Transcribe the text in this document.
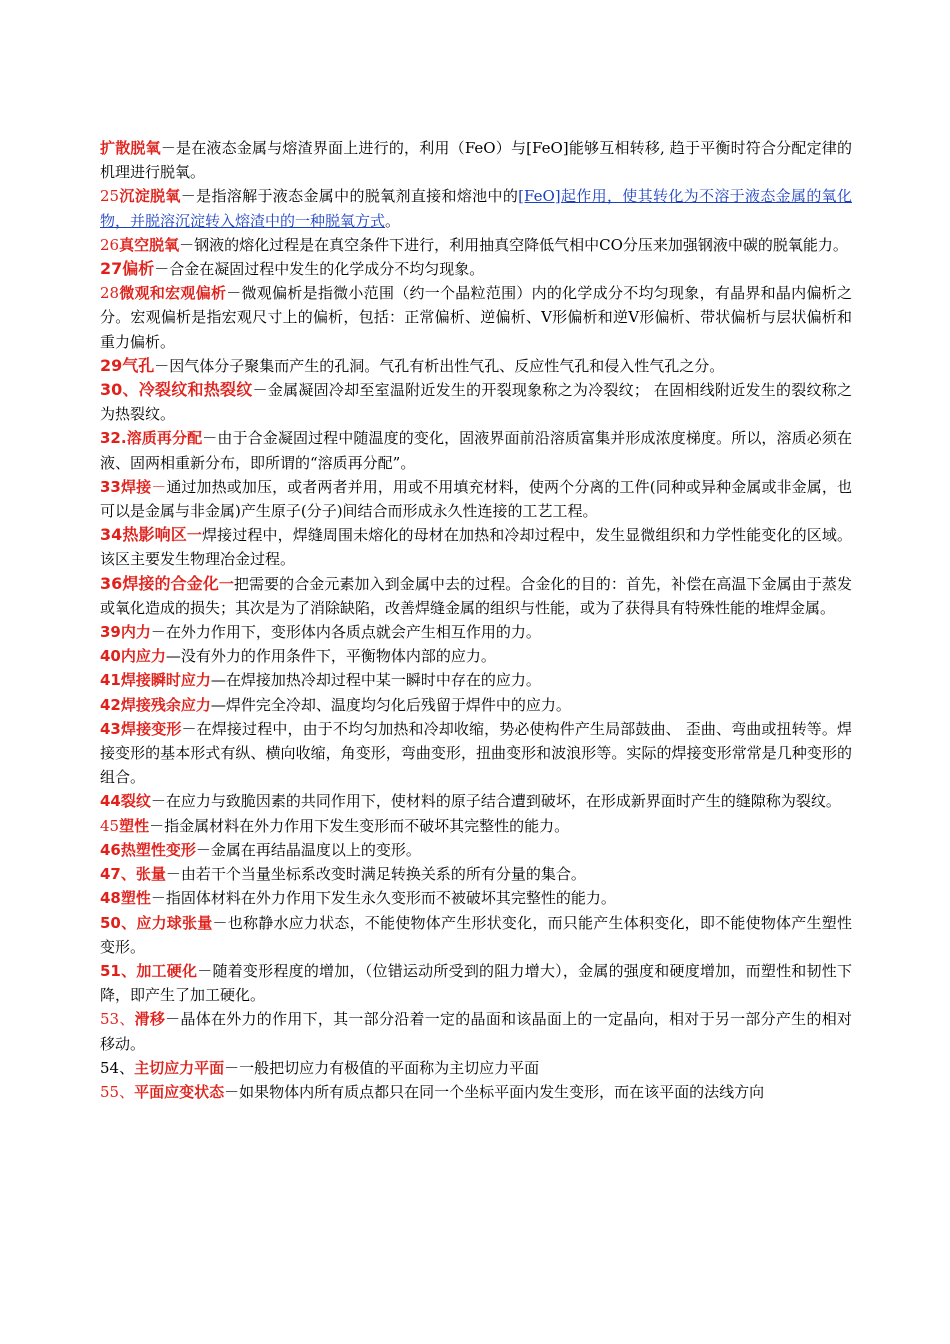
扩散脱氧－是在液态金属与熔渣界面上进行的，利用（FeO）与[FeO]能够互相转移, 趋于平衡时符合分配定律的机理进行脱氧。

25沉淀脱氧－是指溶解于液态金属中的脱氧剂直接和熔池中的[FeO]起作用，使其转化为不溶于液态金属的氧化物，并脱溶沉淀转入熔渣中的一种脱氧方式。

26真空脱氧－钢液的熔化过程是在真空条件下进行，利用抽真空降低气相中CO分压来加强钢液中碳的脱氧能力。

27偏析－合金在凝固过程中发生的化学成分不均匀现象。

28微观和宏观偏析－微观偏析是指微小范围（约一个晶粒范围）内的化学成分不均匀现象，有晶界和晶内偏析之分。宏观偏析是指宏观尺寸上的偏析，包括：正常偏析、逆偏析、V形偏析和逆V形偏析、带状偏析与层状偏析和重力偏析。

29气孔－因气体分子聚集而产生的孔洞。气孔有析出性气孔、反应性气孔和侵入性气孔之分。

30、冷裂纹和热裂纹－金属凝固冷却至室温附近发生的开裂现象称之为冷裂纹； 在固相线附近发生的裂纹称之为热裂纹。

32.溶质再分配－由于合金凝固过程中随温度的变化，固液界面前沿溶质富集并形成浓度梯度。所以，溶质必须在液、固两相重新分布，即所谓的“溶质再分配”。

33焊接－通过加热或加压，或者两者并用，用或不用填充材料，使两个分离的工件(同种或异种金属或非金属，也可以是金属与非金属)产生原子(分子)间结合而形成永久性连接的工艺工程。

34热影响区一焊接过程中，焊缝周围未熔化的母材在加热和冷却过程中，发生显微组织和力学性能变化的区域。该区主要发生物理冶金过程。

36焊接的合金化一把需要的合金元素加入到金属中去的过程。合金化的目的：首先，补偿在高温下金属由于蒸发或氧化造成的损失；其次是为了消除缺陷，改善焊缝金属的组织与性能，或为了获得具有特殊性能的堆焊金属。

39内力－在外力作用下，变形体内各质点就会产生相互作用的力。

40内应力—没有外力的作用条件下，平衡物体内部的应力。

41焊接瞬时应力—在焊接加热冷却过程中某一瞬时中存在的应力。

42焊接残余应力—焊件完全冷却、温度均匀化后残留于焊件中的应力。

43焊接变形－在焊接过程中，由于不均匀加热和冷却收缩，势必使构件产生局部鼓曲、 歪曲、弯曲或扭转等。焊接变形的基本形式有纵、横向收缩，角变形，弯曲变形，扭曲变形和波浪形等。实际的焊接变形常常是几种变形的组合。

44裂纹－在应力与致脆因素的共同作用下，使材料的原子结合遭到破坏，在形成新界面时产生的缝隙称为裂纹。

45塑性－指金属材料在外力作用下发生变形而不破坏其完整性的能力。

46热塑性变形－金属在再结晶温度以上的变形。

47、张量－由若干个当量坐标系改变时满足转换关系的所有分量的集合。

48塑性－指固体材料在外力作用下发生永久变形而不被破坏其完整性的能力。

50、应力球张量－也称静水应力状态，不能使物体产生形状变化，而只能产生体积变化，即不能使物体产生塑性变形。

51、加工硬化－随着变形程度的增加，（位错运动所受到的阻力增大），金属的强度和硬度增加，而塑性和韧性下降，即产生了加工硬化。

53、滑移－晶体在外力的作用下，其一部分沿着一定的晶面和该晶面上的一定晶向，相对于另一部分产生的相对移动。

54、主切应力平面－一般把切应力有极值的平面称为主切应力平面

55、平面应变状态－如果物体内所有质点都只在同一个坐标平面内发生变形，而在该平面的法线方向
